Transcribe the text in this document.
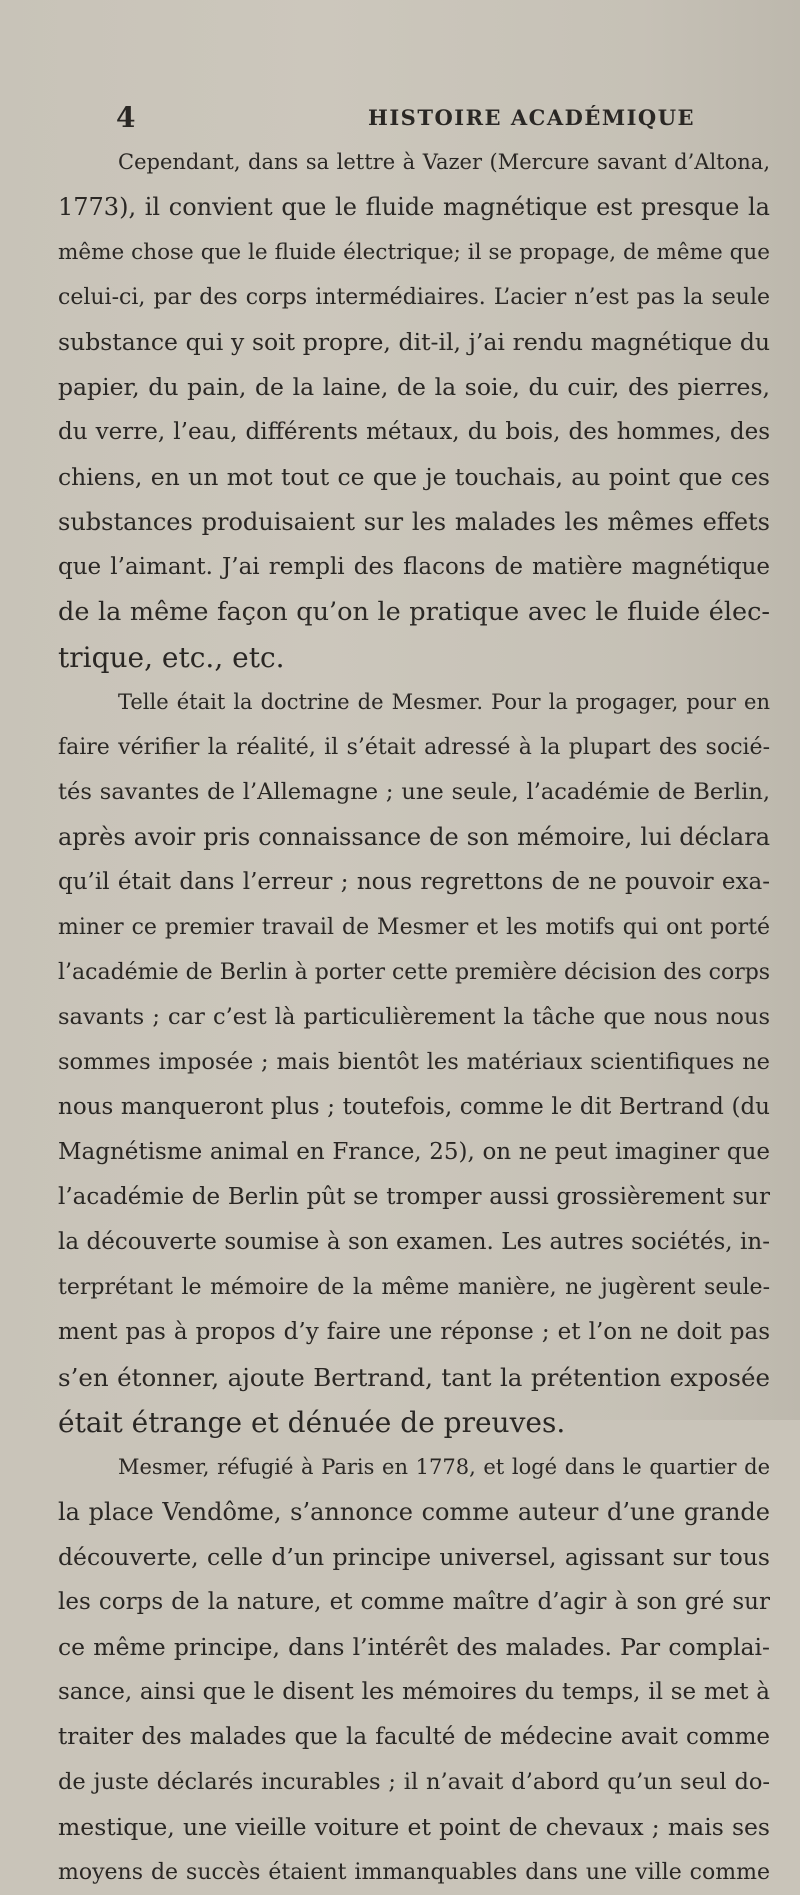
4	HISTOIRE ACADÉMIQUE
Cependant, dans sa lettre à Vazer (Mercure savant d’Altona,
1773), il convient que le fluide magnétique est presque la
même chose que le fluide électrique; il se propage, de même que
celui-ci, par des corps intermédiaires. L’acier n’est pas la seule
substance qui y soit propre, dit-il, j’ai rendu magnétique du
papier, du pain, de la laine, de la soie, du cuir, des pierres,
du verre, l’eau, différents métaux, du bois, des hommes, des
chiens, en un mot tout ce que je touchais, au point que ces
substances produisaient sur les malades les mêmes effets
que l’aimant. J’ai rempli des flacons de matière magnétique
de la même façon qu’on le pratique avec le fluide élec-
trique, etc., etc.
Telle était la doctrine de Mesmer. Pour la progager, pour en
faire vérifier la réalité, il s’était adressé à la plupart des socié-
tés savantes de l’Allemagne ; une seule, l’académie de Berlin,
après avoir pris connaissance de son mémoire, lui déclara
qu’il était dans l’erreur ; nous regrettons de ne pouvoir exa-
miner ce premier travail de Mesmer et les motifs qui ont porté
l’académie de Berlin à porter cette première décision des corps
savants ; car c’est là particulièrement la tâche que nous nous
sommes imposée ; mais bientôt les matériaux scientifiques ne
nous manqueront plus ; toutefois, comme le dit Bertrand (du
Magnétisme animal en France, 25), on ne peut imaginer que
l’académie de Berlin pût se tromper aussi grossièrement sur
la découverte soumise à son examen. Les autres sociétés, in-
terprétant le mémoire de la même manière, ne jugèrent seule-
ment pas à propos d’y faire une réponse ; et l’on ne doit pas
s’en étonner, ajoute Bertrand, tant la prétention exposée
était étrange et dénuée de preuves.
Mesmer, réfugié à Paris en 1778, et logé dans le quartier de
la place Vendôme, s’annonce comme auteur d’une grande
découverte, celle d’un principe universel, agissant sur tous
les corps de la nature, et comme maître d’agir à son gré sur
ce même principe, dans l’intérêt des malades. Par complai-
sance, ainsi que le disent les mémoires du temps, il se met à
traiter des malades que la faculté de médecine avait comme
de juste déclarés incurables ; il n’avait d’abord qu’un seul do-
mestique, une vieille voiture et point de chevaux ; mais ses
moyens de succès étaient immanquables dans une ville comme
